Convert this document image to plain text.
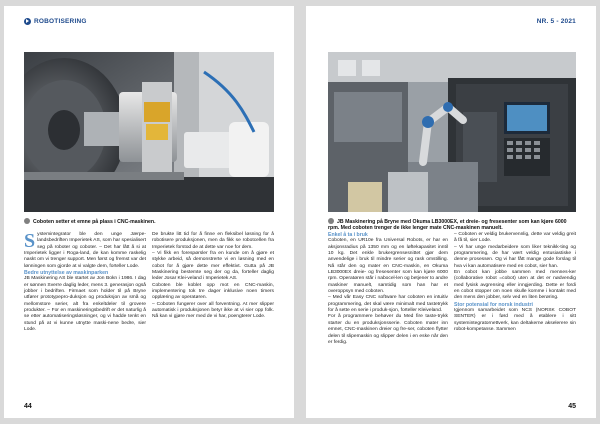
ROBOTISERING
Coboten setter et emne på plass i CNC-maskinen.
S ystemintegrator ble den unge Jærpe-landsbedriften Imperietek AS, som har spesialisert seg på roboter og coboter. – Det har lått å si at Imperietek ligger i Roga-land, de kan komme raskelig naskt om vi trenger support. Men først og fremst var det lønningen som gjorde at vi valgte dem, forteller Lode.

Bedre utnyttelse av maskinparken

JB Maskinering AS ble startet av Jon Bokn i 1986. I dag er sønnen Sverre daglig leder, mens 3. generasjon også jobber i bedriften. Firmaet som holder til på Bryne utfører prototypepro-duksjon og produksjon av små og mellomstore serier, alt fra enkeltdeler til grovere produkter. – For en maskineringsbedrift er det naturlig å se etter automatiseringsløsninger, og vi hadde tenkt en stund på at vi kunne utnytte maski-nene bedre, sier Lode.

De brukte litt tid for å finne en fleksibel løsning for å robotisere produksjonen, men da fikk se robotcellen fra Imperietek forstod de at dette var noe for dem.

– Vi fikk en forespørsler fra en kunde om å gjøre et stykke arbeid, så demonstrerte vi en løsning med en cobot for å gjøre dette mer effektivt. Gutta på JB Maskinering bestemte seg der og da, forteller daglig leder Josar Klei-veland i Imperietek AS.

Coboten ble koblet opp mot en CNC-maskin, implementering tok tre dager inklusive noen timers opplæring av operatøren.

– Coboten fungerer over all forventning. At mer slipper automatisk i produksjonen betyr ikke at vi sier opp folk. Nå kan vi gjøre mer med de vi har, poengterer Lode.

44
NR. 5 - 2021
JB Maskinering på Bryne med Okuma LB3000EX, et dreie- og fresesenter som kan kjøre 6000 rpm. Med coboten trenger de ikke lenger mate CNC-maskinen manuelt.

Enkel å ta i bruk

Coboten, en UR10e fra Universal Robots, er har en aksjonsradius på 1350 mm og en løftekapasitet inntil 10 kg. Det enkle brukergrensesnittet gjør dem anvendelige i bruk til mindre serier og rask omstilling. Nå står den og mater en CNC-maskin, en Okuma LB3000EX dreie- og fresesenter som kan kjøre 6000 rpm. Operatøren står i nabocel-len og betjener to andre maskiner manuelt, samtidig som han har et overoppsyn med coboten.

– Med vår Easy CNC software har coboten en intuitiv programmering, det skal være minimalt med tastetrykk for å sette en serie i produk-sjon, forteller Kleiveland.

For å programmere behøver du Med fire taste-trykk starter du en produksjonsserie. Coboten mater inn emnet, CNC-maskinen dreier og fre-ser, coboten flytter delen til slipemaskin og slipper delen i en eske når den er ferdig.

– Coboten er veldig brukervennlig, dette var veldig greit å få til, sier Lode.

– Vi har unge medarbeidere som liker teknikk-ting og programmering, de har vært veldig entusiastiske i denne prosessen. Og vi har fått mange gode forslag til hva vi kan automatisere med en cobot, sier han.

En cobot kan jobbe sammen med mennes-ker (collaborative robot =cobot) uten at det er nødvendig med fysisk avgrensing eller inngjerding. Dette er fordi en cobot stopper om noen skulle komme i kontakt med den mens den jobber, selv ved en liten berøring.

Stor potensial for norsk industri

Igjennom samarbeidet som NCS (NORSK COBOT SENTER) er i førd med å etablere i sitt systemintegratornettverk, kan deltakerne akselerere sin robot-kompetanse. Sammen

45
